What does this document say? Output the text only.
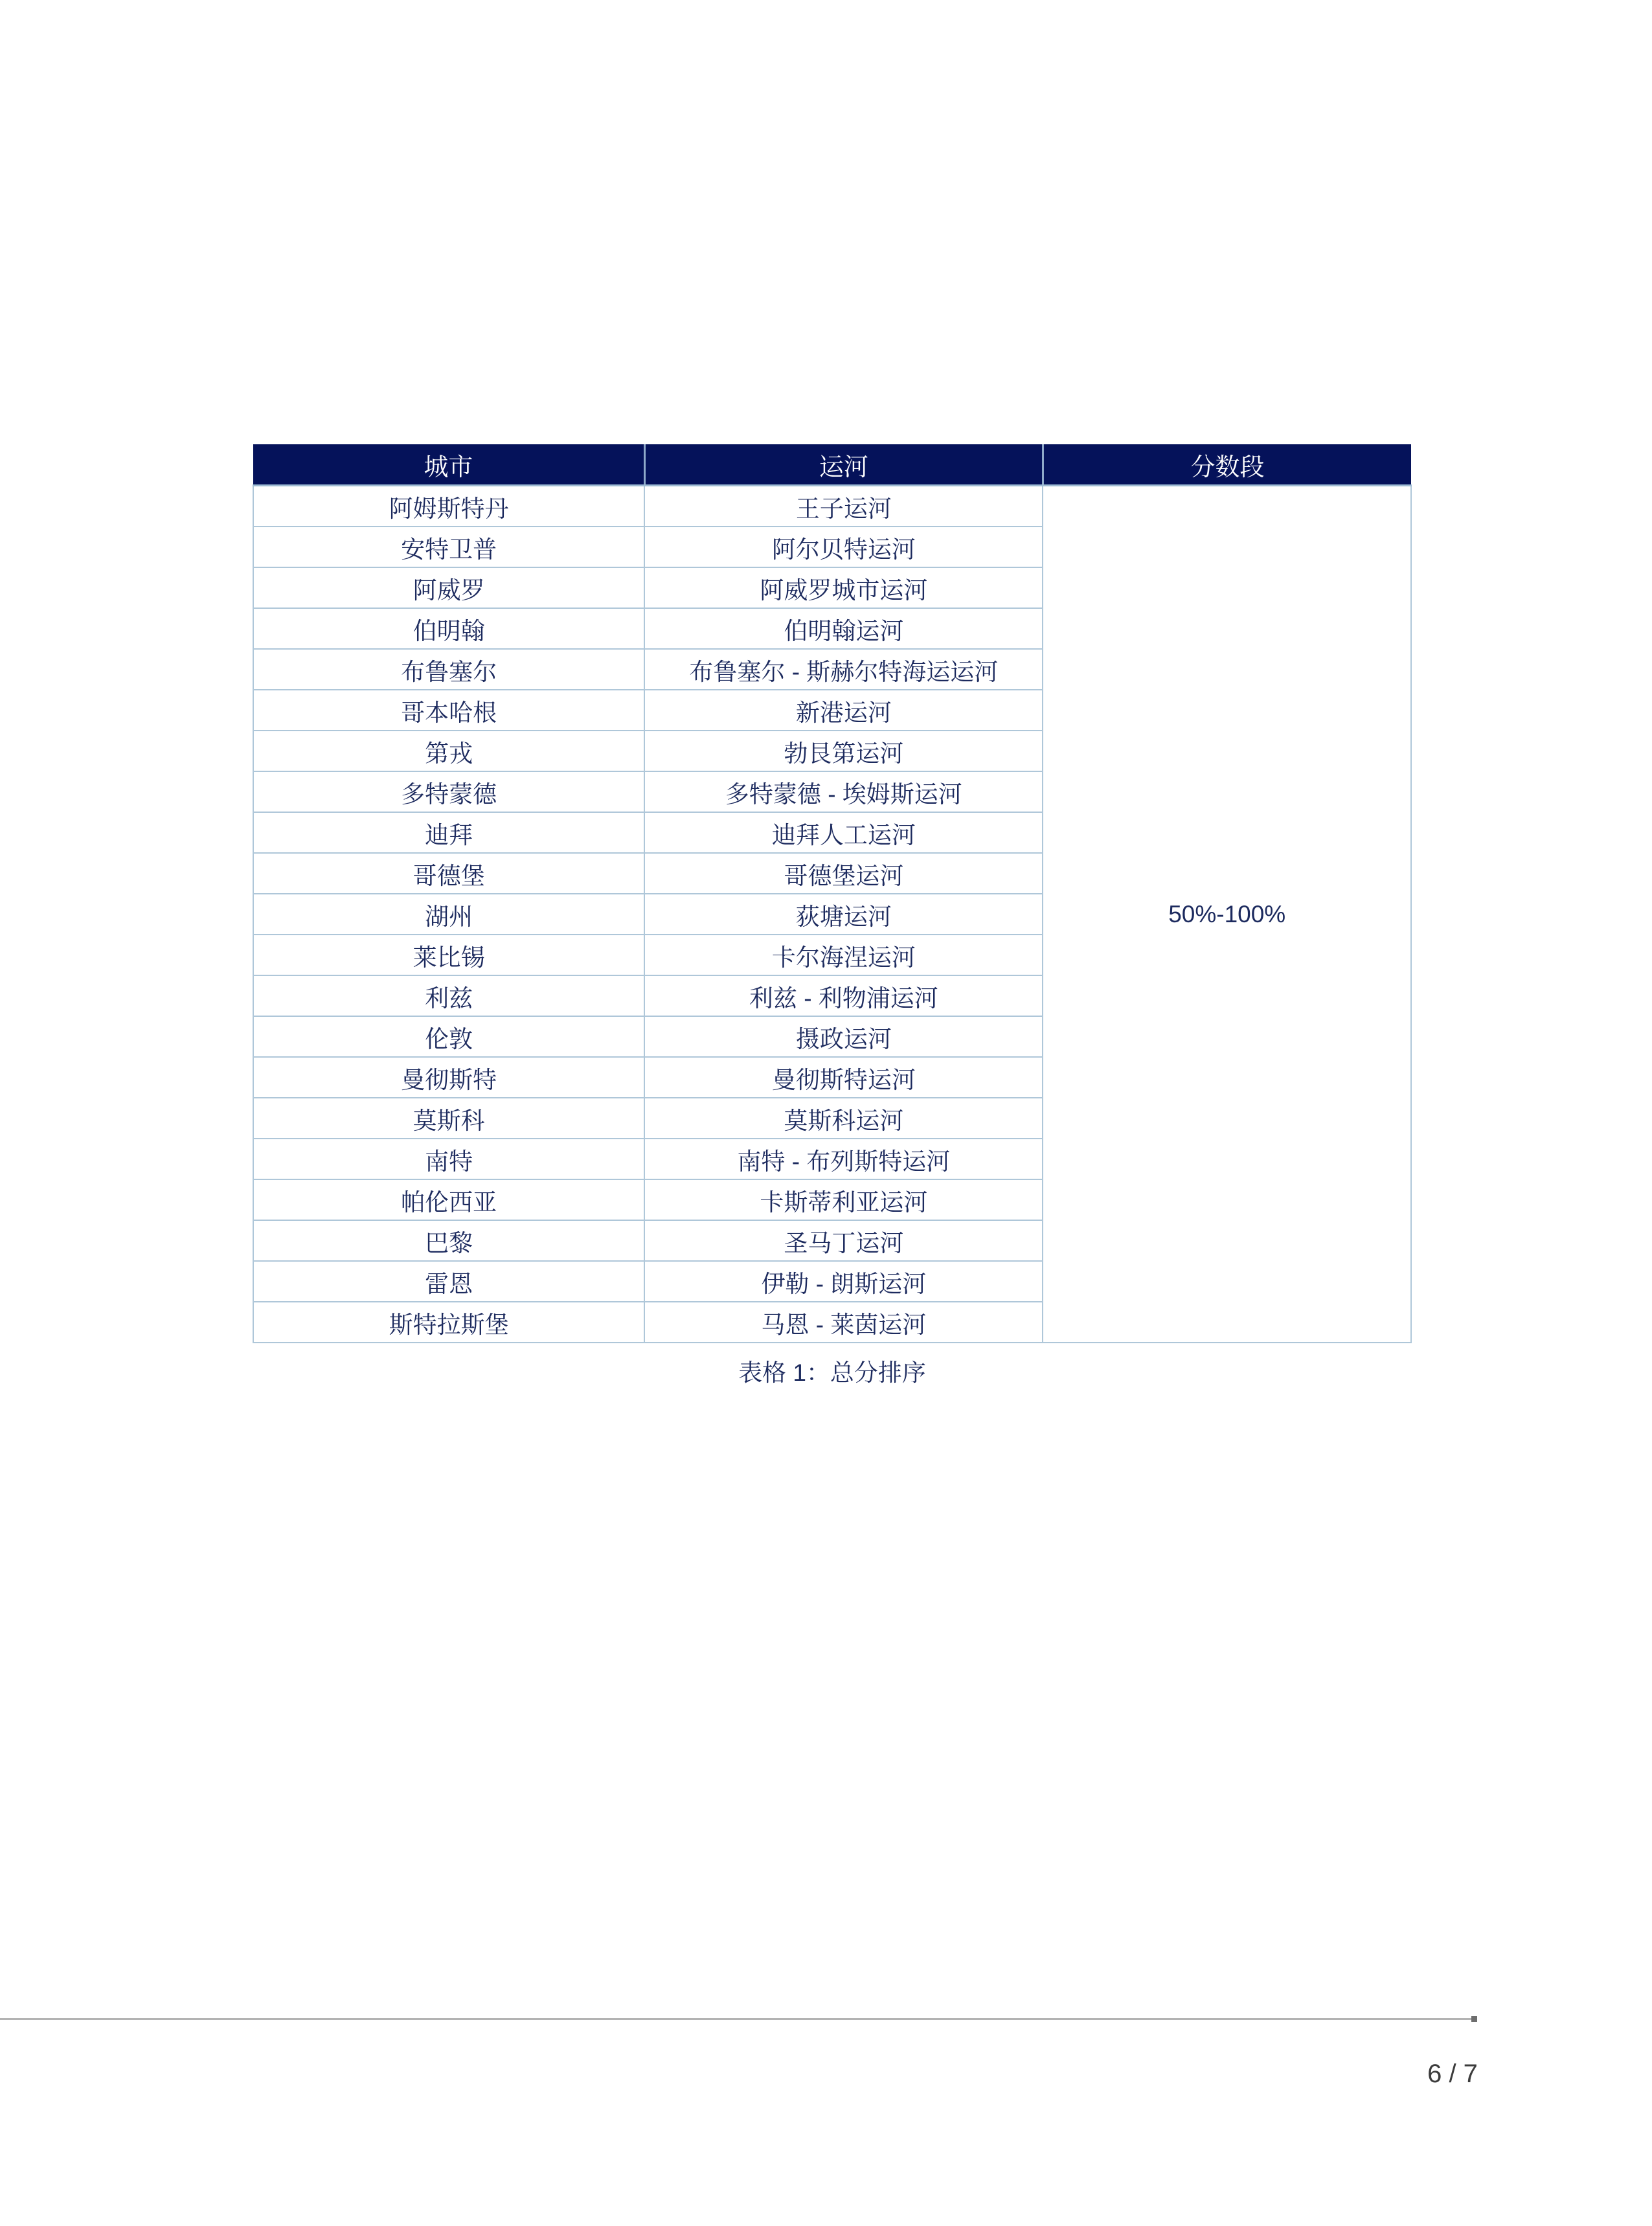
城市	运河	分数段
阿姆斯特丹	王子运河	50%-100%
安特卫普	阿尔贝特运河	
阿威罗	阿威罗城市运河	
伯明翰	伯明翰运河	
布鲁塞尔	布鲁塞尔 - 斯赫尔特海运运河	
哥本哈根	新港运河	
第戎	勃艮第运河	
多特蒙德	多特蒙德 - 埃姆斯运河	
迪拜	迪拜人工运河	
哥德堡	哥德堡运河	
湖州	荻塘运河	
莱比锡	卡尔海涅运河	
利兹	利兹 - 利物浦运河	
伦敦	摄政运河	
曼彻斯特	曼彻斯特运河	
莫斯科	莫斯科运河	
南特	南特 - 布列斯特运河	
帕伦西亚	卡斯蒂利亚运河	
巴黎	圣马丁运河	
雷恩	伊勒 - 朗斯运河	
斯特拉斯堡	马恩 - 莱茵运河	
表格 1：总分排序
6 / 7
